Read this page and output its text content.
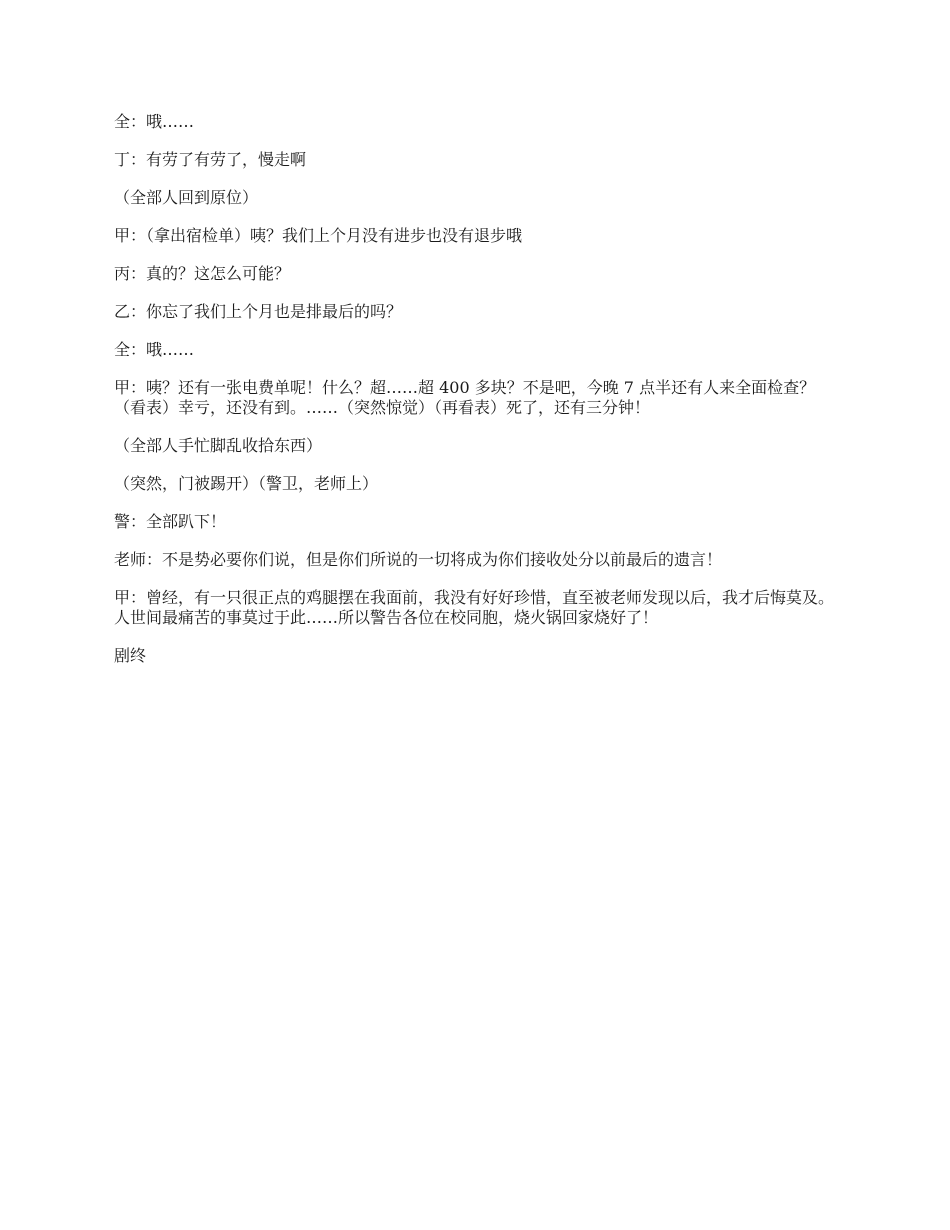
全：哦……

丁：有劳了有劳了，慢走啊

（全部人回到原位）

甲：（拿出宿检单）咦？我们上个月没有进步也没有退步哦

丙：真的？这怎么可能？

乙：你忘了我们上个月也是排最后的吗？

全：哦……

甲：咦？还有一张电费单呢！什么？超……超 400 多块？不是吧，今晚 7 点半还有人来全面检查？（看表）幸亏，还没有到。……（突然惊觉）（再看表）死了，还有三分钟！

（全部人手忙脚乱收拾东西）

（突然，门被踢开）（警卫，老师上）

警：全部趴下！

老师：不是势必要你们说，但是你们所说的一切将成为你们接收处分以前最后的遗言！

甲：曾经，有一只很正点的鸡腿摆在我面前，我没有好好珍惜，直至被老师发现以后，我才后悔莫及。人世间最痛苦的事莫过于此……所以警告各位在校同胞，烧火锅回家烧好了！

剧终
